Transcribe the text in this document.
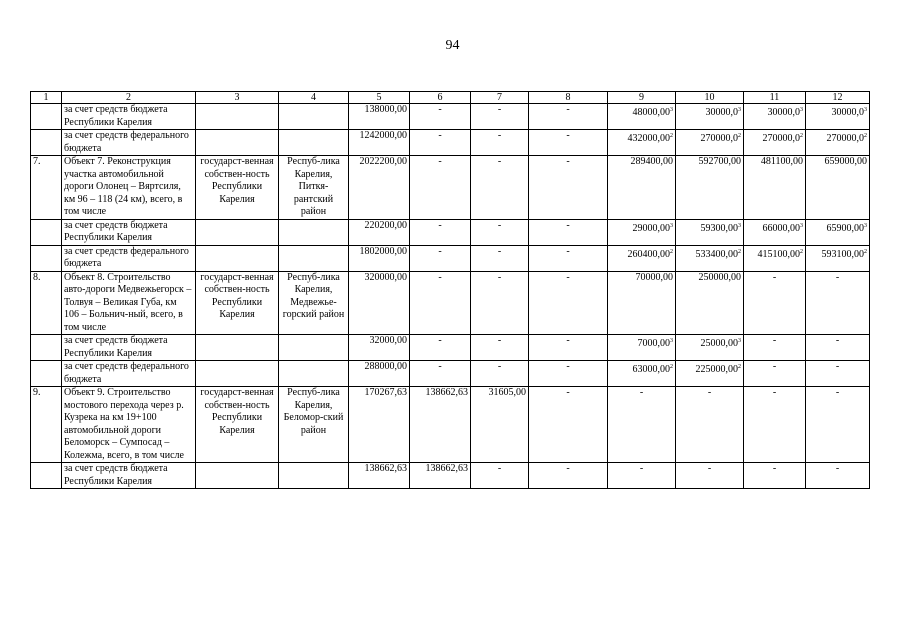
94
1	2	3	4	5	6	7	8	9	10	11	12
	за счет средств бюджета Республики Карелия			138000,00	-	-	-	48000,00$^3$	30000,0$^3$	30000,0$^3$	30000,0$^3$
	за счет средств федерального бюджета			1242000,00	-	-	-	432000,00$^2$	270000,0$^2$	270000,0$^2$	270000,0$^2$
7.	Объект 7. Реконструкция участка автомобильной дороги Олонец – Вяртсиля, км 96 – 118 (24 км), всего, в том числе	государст-венная собствен-ность Республики Карелия	Респуб-лика Карелия, Питкя-рантский район	2022200,00	-	-	-	289400,00	592700,00	481100,00	659000,00
	за счет средств бюджета Республики Карелия			220200,00	-	-	-	29000,00$^3$	59300,00$^3$	66000,00$^3$	65900,00$^3$
	за счет средств федерального бюджета			1802000,00	-	-	-	260400,00$^2$	533400,00$^2$	415100,00$^2$	593100,00$^2$
8.	Объект 8. Строительство авто-дороги Медвежьегорск – Толвуя – Великая Губа, км 106 – Больнич-ный, всего, в том числе	государст-венная собствен-ность Республики Карелия	Респуб-лика Карелия, Медвежье-горский район	320000,00	-	-	-	70000,00	250000,00	-	-
	за счет средств бюджета Республики Карелия			32000,00	-	-	-	7000,00$^3$	25000,00$^3$	-	-
	за счет средств федерального бюджета			288000,00	-	-	-	63000,00$^2$	225000,00$^2$	-	-
9.	Объект 9. Строительство мостового перехода через р. Кузрека на км 19+100 автомобильной дороги Беломорск – Сумпосад – Колежма, всего, в том числе	государст-венная собствен-ность Республики Карелия	Респуб-лика Карелия, Беломор-ский район	170267,63	138662,63	31605,00	-	-	-	-	-
	за счет средств бюджета Республики Карелия			138662,63	138662,63	-	-	-	-	-	-
